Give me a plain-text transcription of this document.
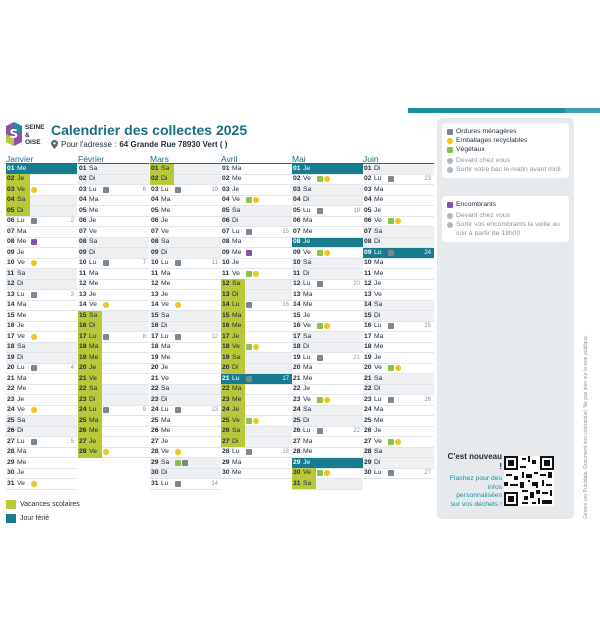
S SEINE
&
OISE
Calendrier des collectes 2025
Pour l'adresse : 64 Grande Rue 78930 Vert ( )
Janvier
01 Me
02 Je
03 Ve
04 Sa
05 Di
06 Lu	2
07 Ma
08 Me
09 Je
10 Ve
11 Sa
12 Di
13 Lu	3
14 Ma
15 Me
16 Je
17 Ve
18 Sa
19 Di
20 Lu	4
21 Ma
22 Me
23 Je
24 Ve
25 Sa
26 Di
27 Lu	5
28 Ma
29 Me
30 Je
31 Ve
Février
01 Sa
02 Di
03 Lu	6
04 Ma
05 Me
06 Je
07 Ve
08 Sa
09 Di
10 Lu	7
11 Ma
12 Me
13 Je
14 Ve
15 Sa
16 Di
17 Lu	8
18 Ma
19 Me
20 Je
21 Ve
22 Sa
23 Di
24 Lu	9
25 Ma
26 Me
27 Je
28 Ve
Mars
01 Sa
02 Di
03 Lu	10
04 Ma
05 Me
06 Je
07 Ve
08 Sa
09 Di
10 Lu	11
11 Ma
12 Me
13 Je
14 Ve
15 Sa
16 Di
17 Lu	12
18 Ma
19 Me
20 Je
21 Ve
22 Sa
23 Di
24 Lu	13
25 Ma
26 Me
27 Je
28 Ve
29 Sa
30 Di
31 Lu	14
Avril
01 Ma
02 Me
03 Je
04 Ve
05 Sa
06 Di
07 Lu	15
08 Ma
09 Me
10 Je
11 Ve
12 Sa
13 Di
14 Lu	16
15 Ma
16 Me
17 Je
18 Ve
19 Sa
20 Di
21 Lu	17
22 Ma
23 Me
24 Je
25 Ve
26 Sa
27 Di
28 Lu	18
29 Ma
30 Me
Mai
01 Je
02 Ve
03 Sa
04 Di
05 Lu	19
06 Ma
07 Me
08 Je
09 Ve
10 Sa
11 Di
12 Lu	20
13 Ma
14 Me
15 Je
16 Ve
17 Sa
18 Di
19 Lu	21
20 Ma
21 Me
22 Je
23 Ve
24 Sa
25 Di
26 Lu	22
27 Ma
28 Me
29 Je
30 Ve
31 Sa
Juin
01 Di
02 Lu	23
03 Ma
04 Me
05 Je
06 Ve
07 Sa
08 Di
09 Lu	24
10 Ma
11 Me
12 Je
13 Ve
14 Sa
15 Di
16 Lu	25
17 Ma
18 Me
19 Je
20 Ve
21 Sa
22 Di
23 Lu	26
24 Ma
25 Me
26 Je
27 Ve
28 Sa
29 Di
30 Lu	27
Vacances scolaires
Jour férié
Ordures ménagères
Emballages recyclables
Végétaux
Devant chez vous
Sortir votre bac le matin avant midi
Encombrants
Devant chez vous
Sortir vos encombrants la veille au soir à partir de 18h00
C'est nouveau !
Flashez pour des infos personnalisées sur vos déchets !	Généré par Publidata. Document non contractuel. Ne pas jeter sur la voie publique.
